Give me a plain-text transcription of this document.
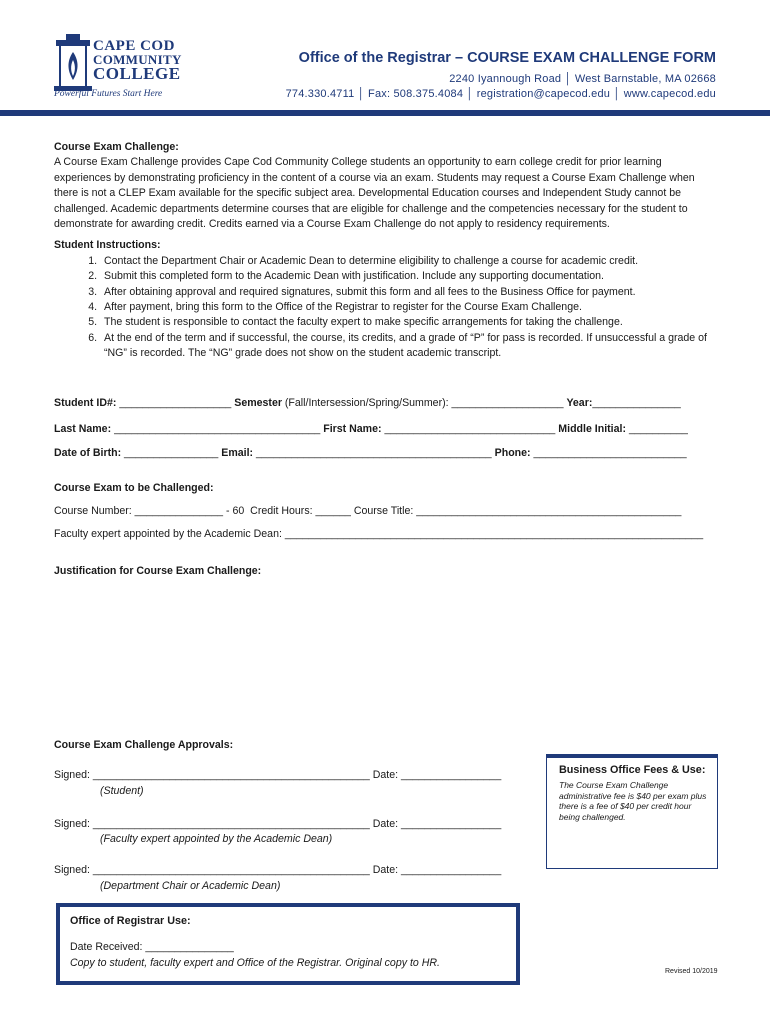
CAPE COD
COMMUNITY
COLLEGE
Powerful Futures Start Here
Office of the Registrar – COURSE EXAM CHALLENGE FORM
2240 Iyannough Road │ West Barnstable, MA 02668
774.330.4711 │ Fax: 508.375.4084 │ registration@capecod.edu │ www.capecod.edu

Course Exam Challenge:

A Course Exam Challenge provides Cape Cod Community College students an opportunity to earn college credit for prior learning experiences by demonstrating proficiency in the content of a course via an exam. Students may request a Course Exam Challenge when there is not a CLEP Exam available for the specific subject area. Developmental Education courses and Independent Study cannot be challenged. Academic departments determine courses that are eligible for challenge and the competencies necessary for the student to demonstrate for awarding credit. Credits earned via a Course Exam Challenge do not apply to residency requirements.

Student Instructions:

1. Contact the Department Chair or Academic Dean to determine eligibility to challenge a course for academic credit.
2. Submit this completed form to the Academic Dean with justification. Include any supporting documentation.
3. After obtaining approval and required signatures, submit this form and all fees to the Business Office for payment.
4. After payment, bring this form to the Office of the Registrar to register for the Course Exam Challenge.
5. The student is responsible to contact the faculty expert to make specific arrangements for taking the challenge.
6. At the end of the term and if successful, the course, its credits, and a grade of “P” for pass is recorded. If unsuccessful a grade of “NG” is recorded. The “NG” grade does not show on the student academic transcript.
Student ID#: ___________________ Semester (Fall/Intersession/Spring/Summer): ___________________ Year:_______________
Last Name: ___________________________________ First Name: _____________________________ Middle Initial: __________
Date of Birth: ________________ Email: ________________________________________ Phone: __________________________
Course Exam to be Challenged:
Course Number: _______________ - 60 Credit Hours: ______ Course Title: _____________________________________________
Faculty expert appointed by the Academic Dean: _______________________________________________________________________
Justification for Course Exam Challenge:
Course Exam Challenge Approvals:
Signed: _______________________________________________ Date: _________________
(Student)
Signed: _______________________________________________ Date: _________________
(Faculty expert appointed by the Academic Dean)
Signed: _______________________________________________ Date: _________________
(Department Chair or Academic Dean)
Business Office Fees & Use:
The Course Exam Challenge administrative fee is $40 per exam plus there is a fee of $40 per credit hour being challenged.
Office of Registrar Use:
Date Received: _______________
Copy to student, faculty expert and Office of the Registrar. Original copy to HR.
Revised 10/2019
